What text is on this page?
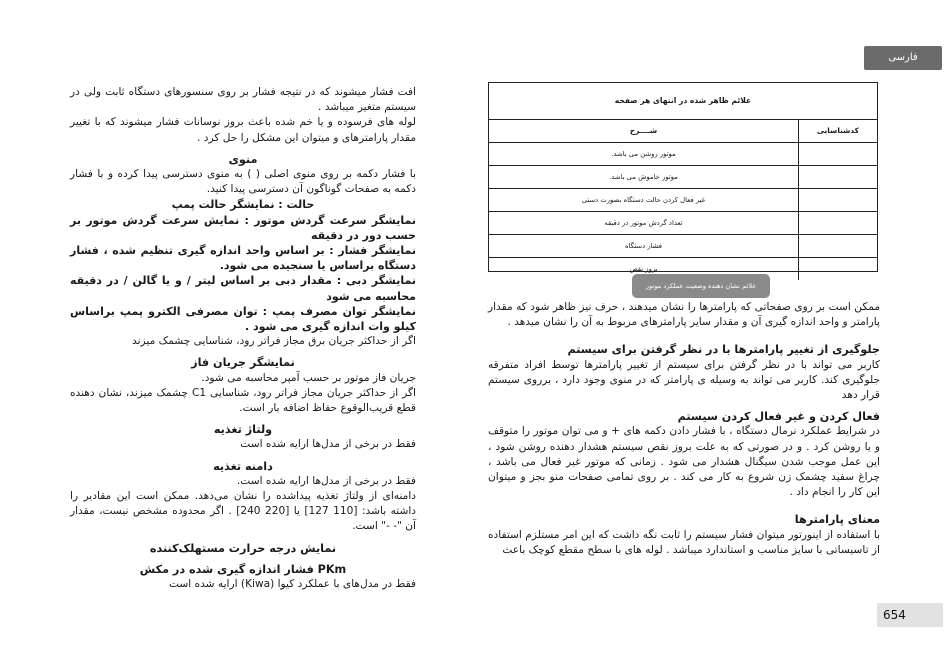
فارسی

افت فشار میشوند که در نتیجه فشار بر روی سنسورهای دستگاه ثابت ولی در سیستم متغیر میباشد .

لوله های فرسوده و یا خم شده باعث بروز نوسانات فشار میشوند که با تغییر مقدار پارامترهای و میتوان این مشکل را حل کرد .

منوی

با فشار دکمه بر روی منوی اصلی ( ) به منوی دسترسی پیدا کرده و با فشار دکمه به صفحات گوناگون آن دسترسی پیدا کنید.

حالت : نمایشگر حالت پمپ

نمایشگر سرعت گردش موتور : نمایش سرعت گردش موتور بر حسب دور در دقیقه

نمایشگر فشار : بر اساس واحد اندازه گیری تنظیم شده ، فشار دستگاه براساس یا سنجیده می شود.

نمایشگر دبی : مقدار دبی بر اساس لیتر / و یا گالن / در دقیقه محاسبه می شود

نمایشگر توان مصرف پمپ : توان مصرفی الکترو پمپ براساس کیلو وات اندازه گیری می شود .

اگر از حداکثر جریان برق مجاز فراتر رود، شناسایی چشمک میزند

نمایشگر جریان فاز

جریان فاز موتور بر حسب آمپر محاسبه می شود.

اگر از حداکثر جریان مجاز فراتر رود، شناسایی C1 چشمک میزند، نشان دهنده قطع قریب‌الوقوع حفاظ اضافه بار است.

ولتاژ تغذیه

فقط در برخی از مدل‌ها ارایه شده است

دامنه تغذیه

فقط در برخی از مدل‌ها ارایه شده است.

دامنه‌ای از ولتاژ تغذیه پیداشده را نشان می‌دهد. ممکن است این مقادیر را داشته باشد: [110 127] یا [220 240] . اگر محدوده مشخص نیست، مقدار آن "- -" است.

نمایش درجه حرارت مستهلک‌کننده

PKm فشار اندازه گیری شده در مکش

فقط در مدل‌های با عملکرد کیوا (Kiwa) ارایه شده است

علائم ظاهر شده در انتهای هر صفحه
کدشناسایی
شــــرح
موتور روشن می باشد.
موتور خاموش می باشد.
غیر فعال کردن حالت دستگاه بصورت دستی
تعداد گردش موتور در دقیقه
فشار دستگاه
بروز نقص
علائم نشان دهنده وضعیت عملکرد موتور

ممکن است بر روی صفحاتی که پارامترها را نشان میدهند ، حرف نیز ظاهر شود که مقدار پارامتر و واحد اندازه گیری آن و مقدار سایر پارامترهای مربوط به آن را نشان میدهد .

جلوگیری از تغییر پارامترها با در نظر گرفتن برای سیستم

کاربر می تواند با در نظر گرفتن برای سیستم از تغییر پارامترها توسط افراد متفرقه جلوگیری کند. کاربر می تواند به وسیله ی پارامتر که در منوی وجود دارد ، برروی سیستم قرار دهد

فعال کردن و غیر فعال کردن سیستم

در شرایط عملکرد نرمال دستگاه ، با فشار دادن دکمه های + و می توان موتور را متوقف و یا روشن کرد . و در صورتی که به علت بروز نقص سیستم هشدار دهنده روشن شود ، این عمل موجب شدن سیگنال هشدار می شود . زمانی که موتور غیر فعال می باشد ، چراغ سفید چشمک زن شروع به کار می کند . بر روی تمامی صفحات منو بجز و میتوان این کار را انجام داد .

معنای پارامترها

با استفاده از اینورتور میتوان فشار سیستم را ثابت نگه داشت که این امر مستلزم استفاده از تاسیساتی با سایز مناسب و استاندارد میباشد . لوله های با سطح مقطع کوچک باعث

654
